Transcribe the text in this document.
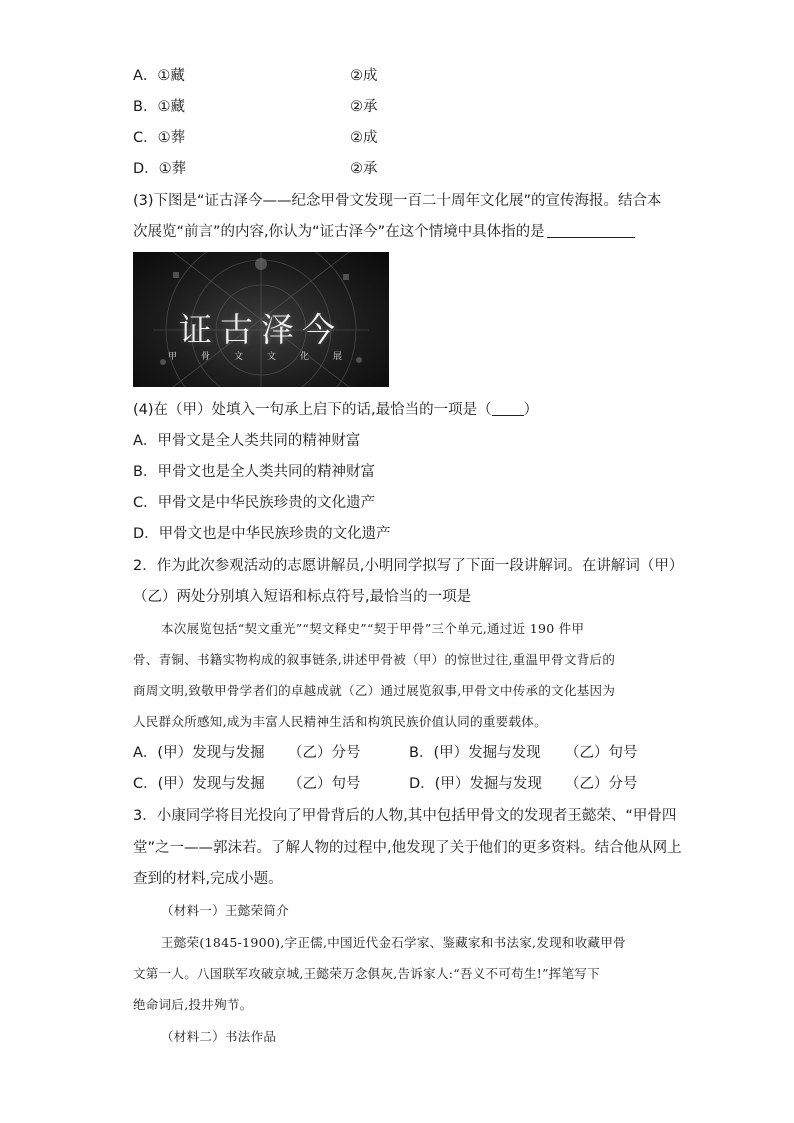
A．①藏	②成
B．①藏	②承
C．①葬	②成
D．①葬	②承
(3)下图是“证古泽今——纪念甲骨文发现一百二十周年文化展”的宣传海报。结合本
次展览“前言”的内容,你认为“证古泽今”在这个情境中具体指的是
证古泽今
甲骨文文化展
(4)在（甲）处填入一句承上启下的话,最恰当的一项是（ ）
A．甲骨文是全人类共同的精神财富
B．甲骨文也是全人类共同的精神财富
C．甲骨文是中华民族珍贵的文化遗产
D．甲骨文也是中华民族珍贵的文化遗产
2．作为此次参观活动的志愿讲解员,小明同学拟写了下面一段讲解词。在讲解词（甲）
（乙）两处分别填入短语和标点符号,最恰当的一项是
本次展览包括“契文重光”“契文释史”“契于甲骨”三个单元,通过近 190 件甲
骨、青铜、书籍实物构成的叙事链条,讲述甲骨被（甲）的惊世过往,重温甲骨文背后的
商周文明,致敬甲骨学者们的卓越成就（乙）通过展览叙事,甲骨文中传承的文化基因为
人民群众所感知,成为丰富人民精神生活和构筑民族价值认同的重要载体。
A．(甲）发现与发掘 （乙）分号	B．(甲）发掘与发现 （乙）句号
C．(甲）发现与发掘 （乙）句号	D．(甲）发掘与发现 （乙）分号
3．小康同学将目光投向了甲骨背后的人物,其中包括甲骨文的发现者王懿荣、“甲骨四
堂”之一——郭沫若。了解人物的过程中,他发现了关于他们的更多资料。结合他从网上
查到的材料,完成小题。
（材料一）王懿荣简介
王懿荣(1845-1900),字正儒,中国近代金石学家、鉴藏家和书法家,发现和收藏甲骨
文第一人。八国联军攻破京城,王懿荣万念俱灰,告诉家人:“吾义不可苟生!”挥笔写下
绝命词后,投井殉节。
（材料二）书法作品
